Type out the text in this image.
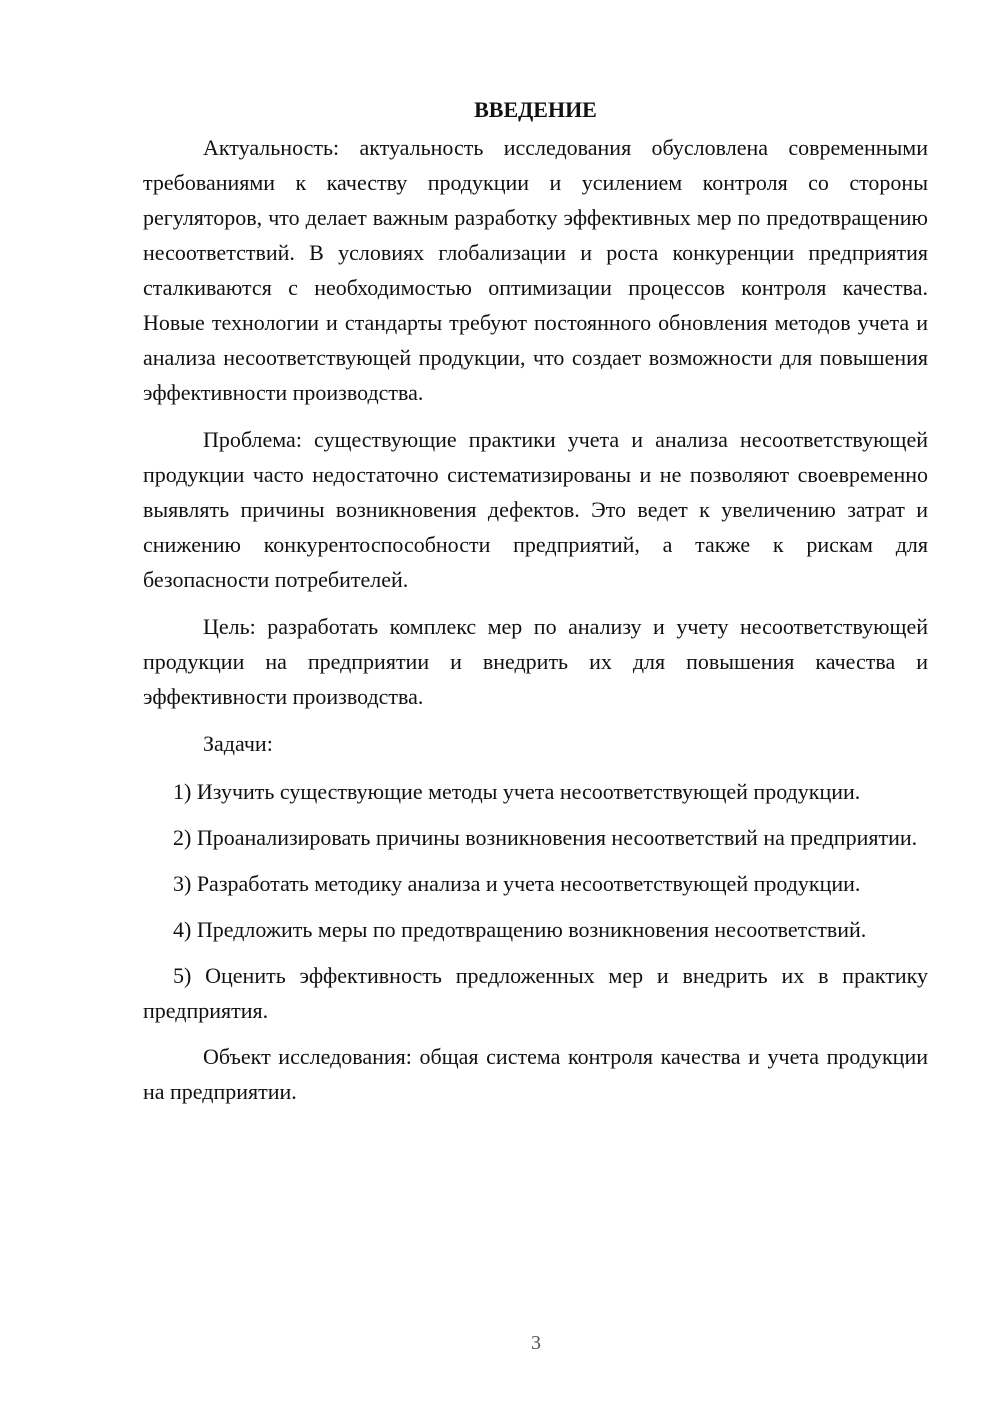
ВВЕДЕНИЕ

Актуальность: актуальность исследования обусловлена современными требованиями к качеству продукции и усилением контроля со стороны регуляторов, что делает важным разработку эффективных мер по предотвращению несоответствий. В условиях глобализации и роста конкуренции предприятия сталкиваются с необходимостью оптимизации процессов контроля качества. Новые технологии и стандарты требуют постоянного обновления методов учета и анализа несоответствующей продукции, что создает возможности для повышения эффективности производства.

Проблема: существующие практики учета и анализа несоответствующей продукции часто недостаточно систематизированы и не позволяют своевременно выявлять причины возникновения дефектов. Это ведет к увеличению затрат и снижению конкурентоспособности предприятий, а также к рискам для безопасности потребителей.

Цель: разработать комплекс мер по анализу и учету несоответствующей продукции на предприятии и внедрить их для повышения качества и эффективности производства.

Задачи:

1) Изучить существующие методы учета несоответствующей продукции.

2) Проанализировать причины возникновения несоответствий на предприятии.

3) Разработать методику анализа и учета несоответствующей продукции.

4) Предложить меры по предотвращению возникновения несоответствий.

5) Оценить эффективность предложенных мер и внедрить их в практику предприятия.

Объект исследования: общая система контроля качества и учета продукции на предприятии.

3
